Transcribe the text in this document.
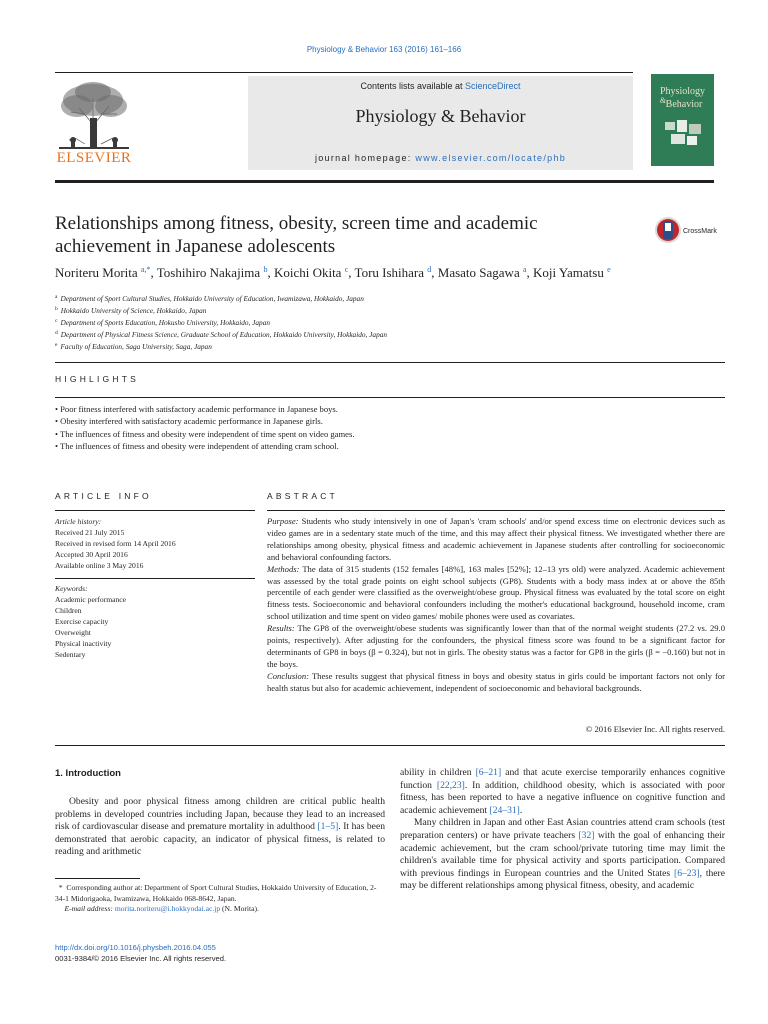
Physiology & Behavior 163 (2016) 161–166
ELSEVIER
Contents lists available at ScienceDirect
Physiology & Behavior
journal homepage: www.elsevier.com/locate/phb
Physiology
& Behavior
Relationships among fitness, obesity, screen time and academic
achievement in Japanese adolescents
CrossMark
Noriteru Morita $^{a,*}$, Toshihiro Nakajima $^b$, Koichi Okita $^c$, Toru Ishihara $^d$, Masato Sagawa $^a$, Koji Yamatsu $^e$
$^a$ Department of Sport Cultural Studies, Hokkaido University of Education, Iwamizawa, Hokkaido, Japan
$^b$ Hokkaido University of Science, Hokkaido, Japan
$^c$ Department of Sports Education, Hokusho University, Hokkaido, Japan
$^d$ Department of Physical Fitness Science, Graduate School of Education, Hokkaido University, Hokkaido, Japan
$^e$ Faculty of Education, Saga University, Saga, Japan
HIGHLIGHTS
• Poor fitness interfered with satisfactory academic performance in Japanese boys.
• Obesity interfered with satisfactory academic performance in Japanese girls.
• The influences of fitness and obesity were independent of time spent on video games.
• The influences of fitness and obesity were independent of attending cram school.
ARTICLE INFO	ABSTRACT
Article history:
Received 21 July 2015
Received in revised form 14 April 2016
Accepted 30 April 2016
Available online 3 May 2016
Keywords:
Academic performance
Children
Exercise capacity
Overweight
Physical inactivity
Sedentary
Purpose: Students who study intensively in one of Japan's 'cram schools' and/or spend excess time on electronic devices such as video games are in a sedentary state much of the time, and this may affect their physical fitness. We investigated whether there are relationships among obesity, physical fitness and academic achievement in Japanese students after controlling for socioeconomic and behavioral confounding factors.
Methods: The data of 315 students (152 females [48%], 163 males [52%]; 12–13 yrs old) were analyzed. Academic achievement was assessed by the total grade points on eight school subjects (GP8). Students with a body mass index at or above the 85th percentile of each gender were classified as the overweight/obese group. Physical fitness was evaluated by the total score on eight fitness tests. Socioeconomic and behavioral confounders including the mother's educational background, household income, cram school utilization and time spent on video games/ mobile phones were used as covariates.
Results: The GP8 of the overweight/obese students was significantly lower than that of the normal weight students (27.2 vs. 29.0 points, respectively). After adjusting for the confounders, the physical fitness score was found to be a significant factor for determinants of GP8 in boys (β = 0.324), but not in girls. The obesity status was a factor for GP8 in the girls (β = −0.160) but not in the boys.
Conclusion: These results suggest that physical fitness in boys and obesity status in girls could be important factors not only for health status but also for academic achievement, independent of socioeconomic and behavioral backgrounds.
© 2016 Elsevier Inc. All rights reserved.
1. Introduction
Obesity and poor physical fitness among children are critical public health problems in developed countries including Japan, because they lead to an increased risk of cardiovascular disease and premature mortality in adulthood [1–5]. It has been demonstrated that aerobic capacity, an indicator of physical fitness, is related to reading and arithmetic

ability in children [6–21] and that acute exercise temporarily enhances cognitive function [22,23]. In addition, childhood obesity, which is associated with poor fitness, has been reported to have a negative influence on cognitive function and academic achievement [24–31].

Many children in Japan and other East Asian countries attend cram schools (test preparation centers) or have private teachers [32] with the goal of enhancing their academic achievement, but the cram school/private tutoring time may limit the children's available time for physical activity and sports participation. Compared with previous findings in European countries and the United States [6–23], there may be different relationships among physical fitness, obesity, and academic

* Corresponding author at: Department of Sport Cultural Studies, Hokkaido University of Education, 2-34-1 Midorigaoka, Iwamizawa, Hokkaido 068-8642, Japan.
E-mail address: morita.noriteru@i.hokkyodai.ac.jp (N. Morita).
http://dx.doi.org/10.1016/j.physbeh.2016.04.055
0031-9384/© 2016 Elsevier Inc. All rights reserved.
